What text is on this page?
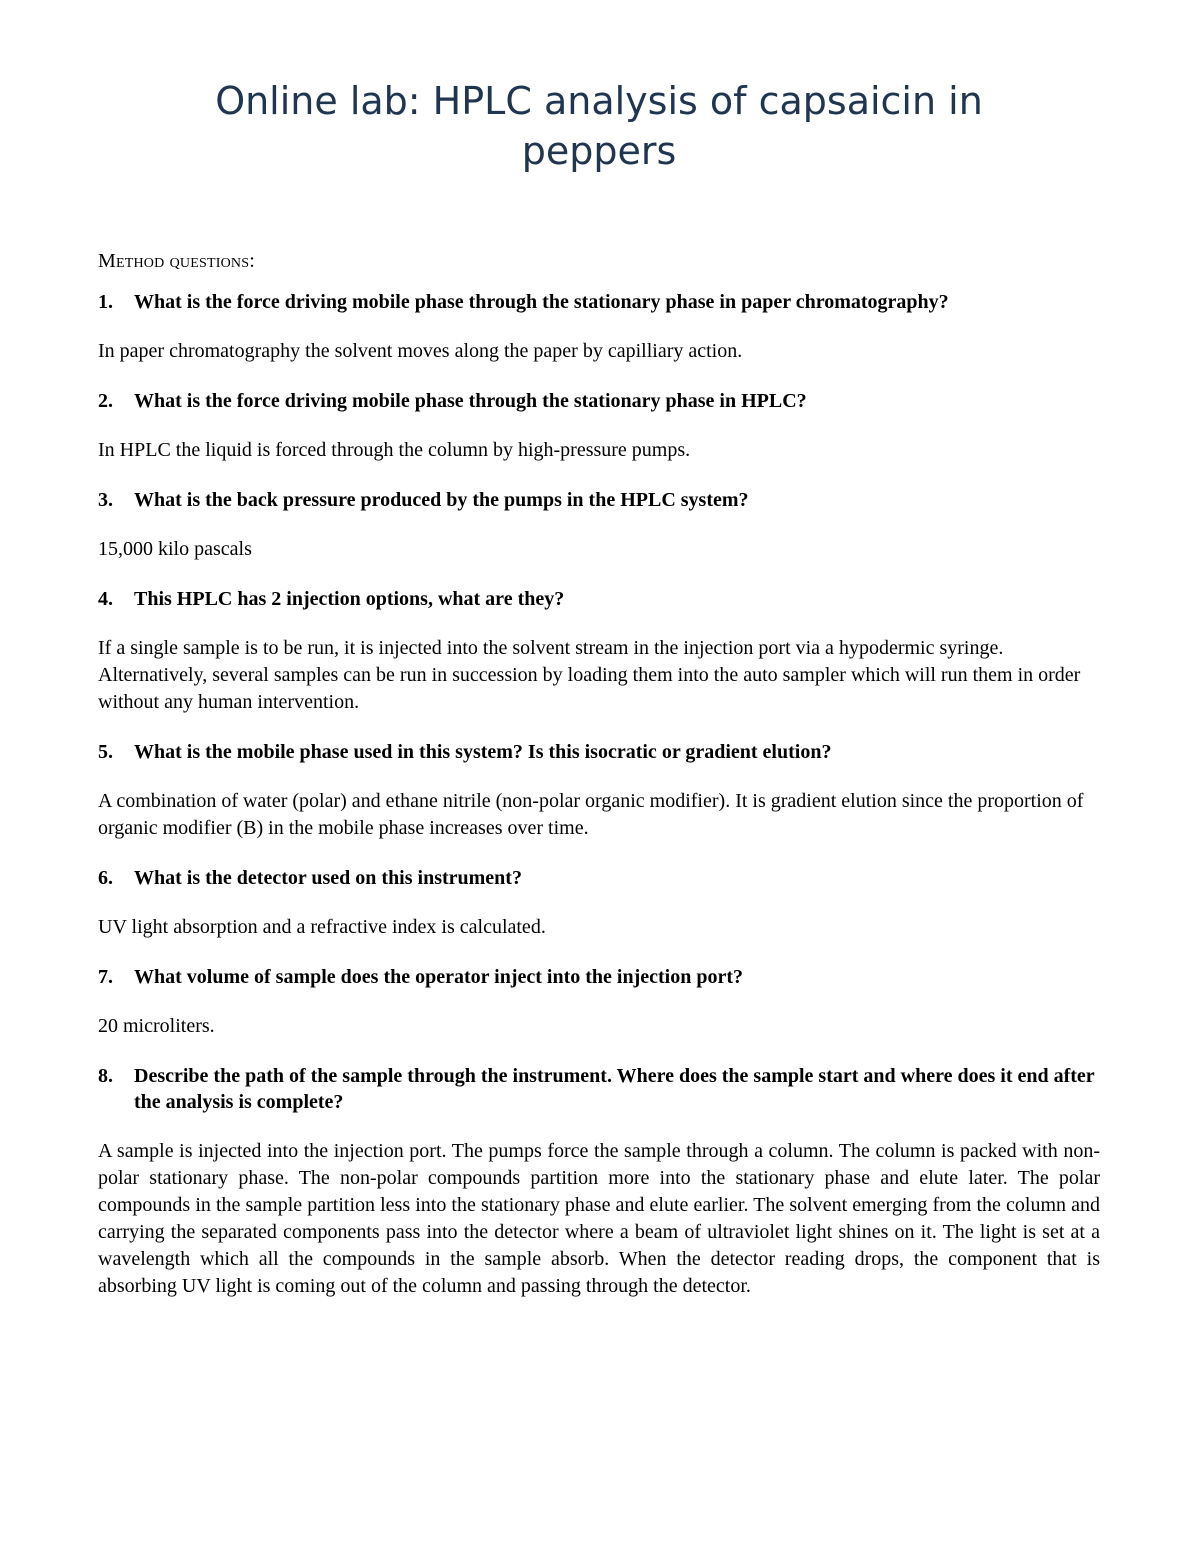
Online lab: HPLC analysis of capsaicin in peppers
Method questions:
1.	What is the force driving mobile phase through the stationary phase in paper chromatography?

In paper chromatography the solvent moves along the paper by capilliary action.

2.	What is the force driving mobile phase through the stationary phase in HPLC?

In HPLC the liquid is forced through the column by high-pressure pumps.

3.	What is the back pressure produced by the pumps in the HPLC system?

15,000 kilo pascals

4.	This HPLC has 2 injection options, what are they?

If a single sample is to be run, it is injected into the solvent stream in the injection port via a hypodermic syringe. Alternatively, several samples can be run in succession by loading them into the auto sampler which will run them in order without any human intervention.

5.	What is the mobile phase used in this system? Is this isocratic or gradient elution?

A combination of water (polar) and ethane nitrile (non-polar organic modifier). It is gradient elution since the proportion of organic modifier (B) in the mobile phase increases over time.

6.	What is the detector used on this instrument?

UV light absorption and a refractive index is calculated.

7.	What volume of sample does the operator inject into the injection port?

20 microliters.

8.	Describe the path of the sample through the instrument. Where does the sample start and where does it end after the analysis is complete?

A sample is injected into the injection port. The pumps force the sample through a column. The column is packed with non-polar stationary phase. The non-polar compounds partition more into the stationary phase and elute later. The polar compounds in the sample partition less into the stationary phase and elute earlier. The solvent emerging from the column and carrying the separated components pass into the detector where a beam of ultraviolet light shines on it. The light is set at a wavelength which all the compounds in the sample absorb. When the detector reading drops, the component that is absorbing UV light is coming out of the column and passing through the detector.
